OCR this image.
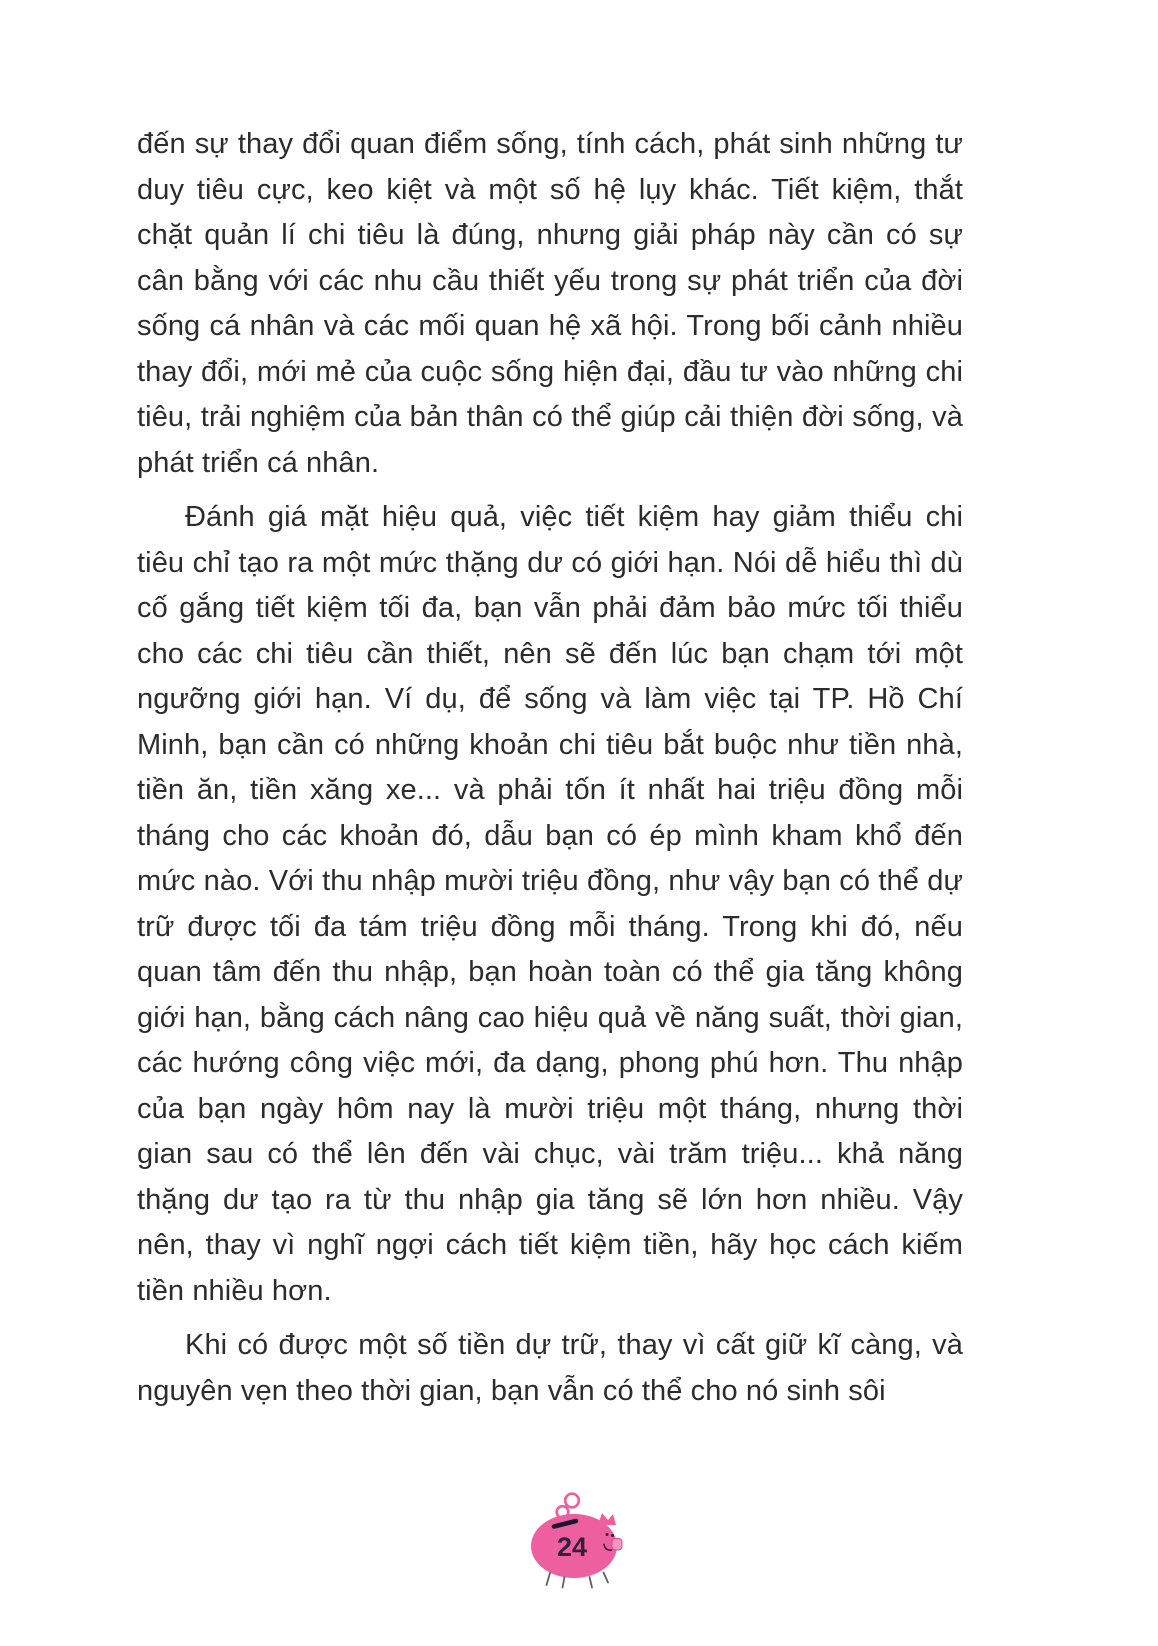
đến sự thay đổi quan điểm sống, tính cách, phát sinh những tư duy tiêu cực, keo kiệt và một số hệ lụy khác. Tiết kiệm, thắt chặt quản lí chi tiêu là đúng, nhưng giải pháp này cần có sự cân bằng với các nhu cầu thiết yếu trong sự phát triển của đời sống cá nhân và các mối quan hệ xã hội. Trong bối cảnh nhiều thay đổi, mới mẻ của cuộc sống hiện đại, đầu tư vào những chi tiêu, trải nghiệm của bản thân có thể giúp cải thiện đời sống, và phát triển cá nhân.

Đánh giá mặt hiệu quả, việc tiết kiệm hay giảm thiểu chi tiêu chỉ tạo ra một mức thặng dư có giới hạn. Nói dễ hiểu thì dù cố gắng tiết kiệm tối đa, bạn vẫn phải đảm bảo mức tối thiểu cho các chi tiêu cần thiết, nên sẽ đến lúc bạn chạm tới một ngưỡng giới hạn. Ví dụ, để sống và làm việc tại TP. Hồ Chí Minh, bạn cần có những khoản chi tiêu bắt buộc như tiền nhà, tiền ăn, tiền xăng xe... và phải tốn ít nhất hai triệu đồng mỗi tháng cho các khoản đó, dẫu bạn có ép mình kham khổ đến mức nào. Với thu nhập mười triệu đồng, như vậy bạn có thể dự trữ được tối đa tám triệu đồng mỗi tháng. Trong khi đó, nếu quan tâm đến thu nhập, bạn hoàn toàn có thể gia tăng không giới hạn, bằng cách nâng cao hiệu quả về năng suất, thời gian, các hướng công việc mới, đa dạng, phong phú hơn. Thu nhập của bạn ngày hôm nay là mười triệu một tháng, nhưng thời gian sau có thể lên đến vài chục, vài trăm triệu... khả năng thặng dư tạo ra từ thu nhập gia tăng sẽ lớn hơn nhiều. Vậy nên, thay vì nghĩ ngợi cách tiết kiệm tiền, hãy học cách kiếm tiền nhiều hơn.

Khi có được một số tiền dự trữ, thay vì cất giữ kĩ càng, và nguyên vẹn theo thời gian, bạn vẫn có thể cho nó sinh sôi

24
